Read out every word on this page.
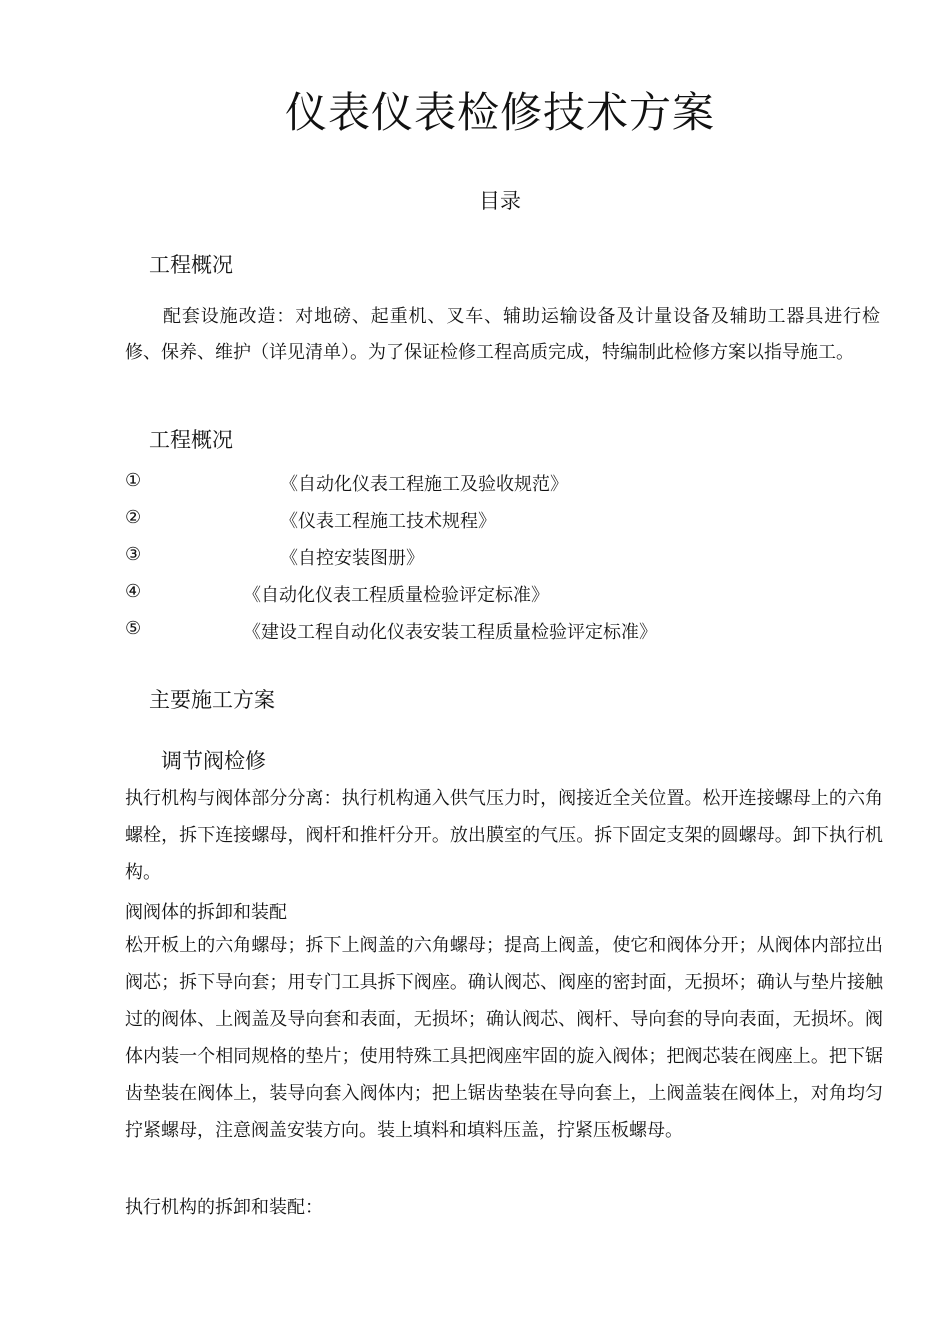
仪表仪表检修技术方案
目录
工程概况
配套设施改造：对地磅、起重机、叉车、辅助运输设备及计量设备及辅助工器具进行检修、保养、维护（详见清单）。为了保证检修工程高质完成，特编制此检修方案以指导施工。
工程概况
①	《自动化仪表工程施工及验收规范》
②	《仪表工程施工技术规程》
③	《自控安装图册》
④	《自动化仪表工程质量检验评定标准》
⑤	《建设工程自动化仪表安装工程质量检验评定标准》
主要施工方案
调节阀检修
执行机构与阀体部分分离：执行机构通入供气压力时，阀接近全关位置。松开连接螺母上的六角螺栓，拆下连接螺母，阀杆和推杆分开。放出膜室的气压。拆下固定支架的圆螺母。卸下执行机构。
阀阀体的拆卸和装配
松开板上的六角螺母；拆下上阀盖的六角螺母；提高上阀盖，使它和阀体分开；从阀体内部拉出阀芯；拆下导向套；用专门工具拆下阀座。确认阀芯、阀座的密封面，无损坏；确认与垫片接触过的阀体、上阀盖及导向套和表面，无损坏；确认阀芯、阀杆、导向套的导向表面，无损坏。阀体内装一个相同规格的垫片；使用特殊工具把阀座牢固的旋入阀体；把阀芯装在阀座上。把下锯齿垫装在阀体上，装导向套入阀体内；把上锯齿垫装在导向套上，上阀盖装在阀体上，对角均匀拧紧螺母，注意阀盖安装方向。装上填料和填料压盖，拧紧压板螺母。
执行机构的拆卸和装配：
